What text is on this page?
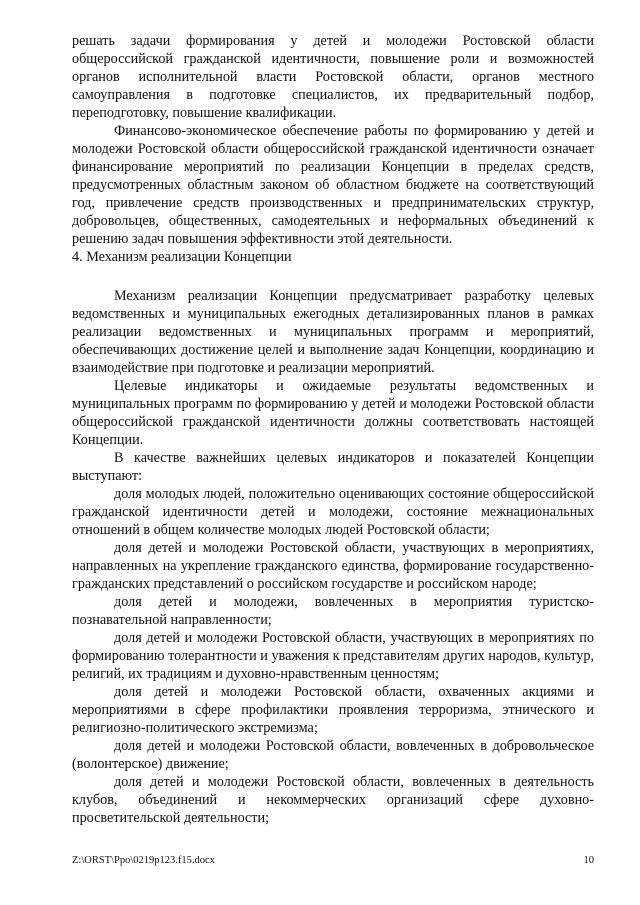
решать задачи формирования у детей и молодежи Ростовской области общероссийской гражданской идентичности, повышение роли и возможностей органов исполнительной власти Ростовской области, органов местного самоуправления в подготовке специалистов, их предварительный подбор, переподготовку, повышение квалификации.

Финансово-экономическое обеспечение работы по формированию у детей и молодежи Ростовской области общероссийской гражданской идентичности означает финансирование мероприятий по реализации Концепции в пределах средств, предусмотренных областным законом об областном бюджете на соответствующий год, привлечение средств производственных и предпринимательских структур, добровольцев, общественных, самодеятельных и неформальных объединений к решению задач повышения эффективности этой деятельности.

4. Механизм реализации Концепции

Механизм реализации Концепции предусматривает разработку целевых ведомственных и муниципальных ежегодных детализированных планов в рамках реализации ведомственных и муниципальных программ и мероприятий, обеспечивающих достижение целей и выполнение задач Концепции, координацию и взаимодействие при подготовке и реализации мероприятий.

Целевые индикаторы и ожидаемые результаты ведомственных и муниципальных программ по формированию у детей и молодежи Ростовской области общероссийской гражданской идентичности должны соответствовать настоящей Концепции.

В качестве важнейших целевых индикаторов и показателей Концепции выступают:

доля молодых людей, положительно оценивающих состояние общероссийской гражданской идентичности детей и молодежи, состояние межнациональных отношений в общем количестве молодых людей Ростовской области;

доля детей и молодежи Ростовской области, участвующих в мероприятиях, направленных на укрепление гражданского единства, формирование государственно-гражданских представлений о российском государстве и российском народе;

доля детей и молодежи, вовлеченных в мероприятия туристско-познавательной направленности;

доля детей и молодежи Ростовской области, участвующих в мероприятиях по формированию толерантности и уважения к представителям других народов, культур, религий, их традициям и духовно-нравственным ценностям;

доля детей и молодежи Ростовской области, охваченных акциями и мероприятиями в сфере профилактики проявления терроризма, этнического и религиозно-политического экстремизма;

доля детей и молодежи Ростовской области, вовлеченных в добровольческое (волонтерское) движение;

доля детей и молодежи Ростовской области, вовлеченных в деятельность клубов, объединений и некоммерческих организаций сфере духовно-просветительской деятельности;

Z:\ORST\Ppo\0219p123.f15.docx	10
